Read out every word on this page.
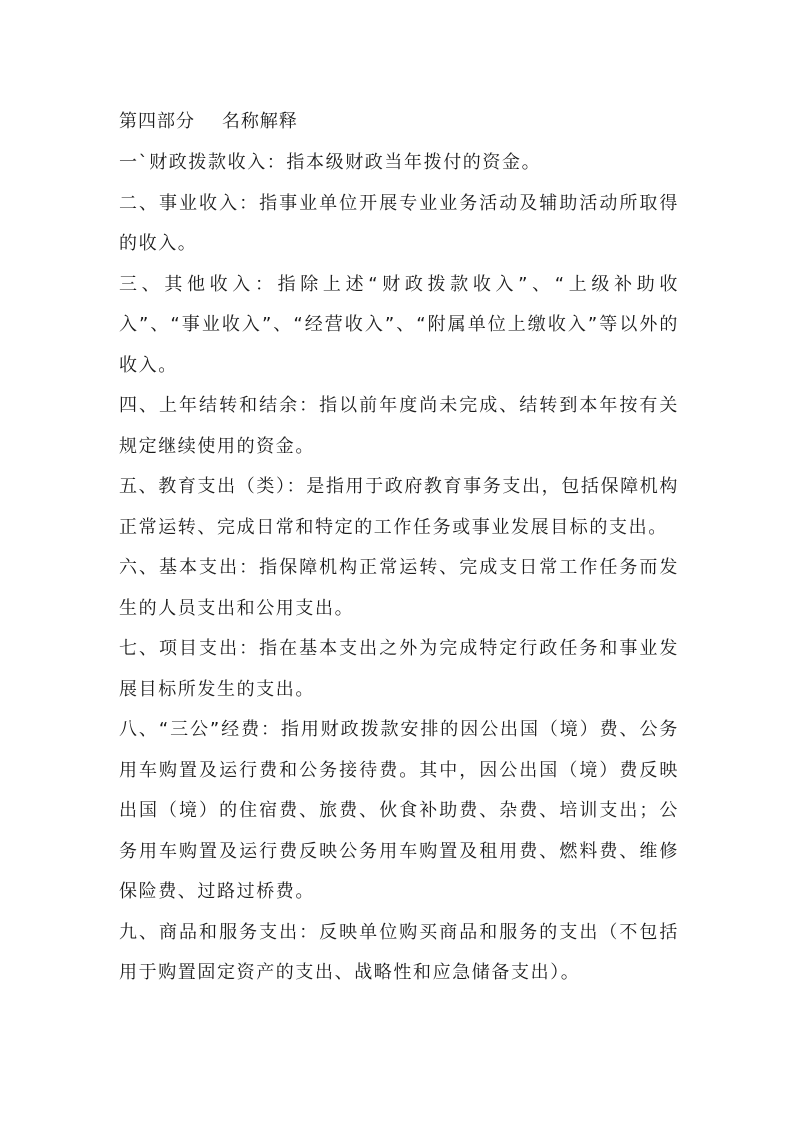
第四部分    名称解释

一`财政拨款收入：指本级财政当年拨付的资金。

二、事业收入：指事业单位开展专业业务活动及辅助活动所取得的收入。

三、其他收入：指除上述“财政拨款收入”、“上级补助收入”、“事业收入”、“经营收入”、“附属单位上缴收入”等以外的收入。

四、上年结转和结余：指以前年度尚未完成、结转到本年按有关规定继续使用的资金。

五、教育支出（类）：是指用于政府教育事务支出，包括保障机构正常运转、完成日常和特定的工作任务或事业发展目标的支出。

六、基本支出：指保障机构正常运转、完成支日常工作任务而发生的人员支出和公用支出。

七、项目支出：指在基本支出之外为完成特定行政任务和事业发展目标所发生的支出。

八、“三公”经费：指用财政拨款安排的因公出国（境）费、公务用车购置及运行费和公务接待费。其中，因公出国（境）费反映出国（境）的住宿费、旅费、伙食补助费、杂费、培训支出；公务用车购置及运行费反映公务用车购置及租用费、燃料费、维修保险费、过路过桥费。

九、商品和服务支出：反映单位购买商品和服务的支出（不包括用于购置固定资产的支出、战略性和应急储备支出）。
